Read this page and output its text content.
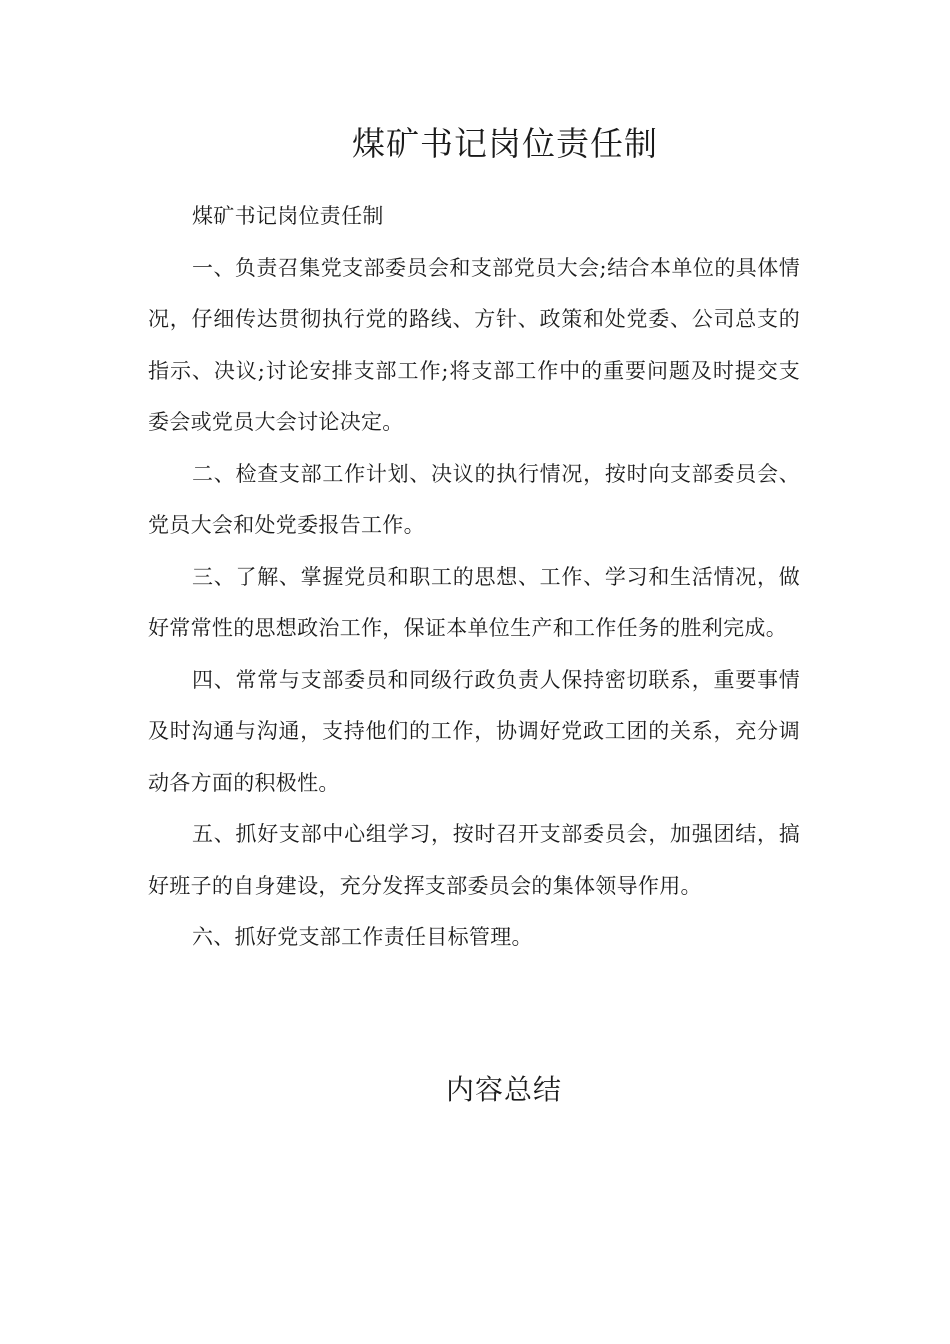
煤矿书记岗位责任制

煤矿书记岗位责任制

一、负责召集党支部委员会和支部党员大会;结合本单位的具体情况，仔细传达贯彻执行党的路线、方针、政策和处党委、公司总支的指示、决议;讨论安排支部工作;将支部工作中的重要问题及时提交支委会或党员大会讨论决定。

二、检查支部工作计划、决议的执行情况，按时向支部委员会、党员大会和处党委报告工作。

三、了解、掌握党员和职工的思想、工作、学习和生活情况，做好常常性的思想政治工作，保证本单位生产和工作任务的胜利完成。

四、常常与支部委员和同级行政负责人保持密切联系，重要事情及时沟通与沟通，支持他们的工作，协调好党政工团的关系，充分调动各方面的积极性。

五、抓好支部中心组学习，按时召开支部委员会，加强团结，搞好班子的自身建设，充分发挥支部委员会的集体领导作用。

六、抓好党支部工作责任目标管理。

内容总结
